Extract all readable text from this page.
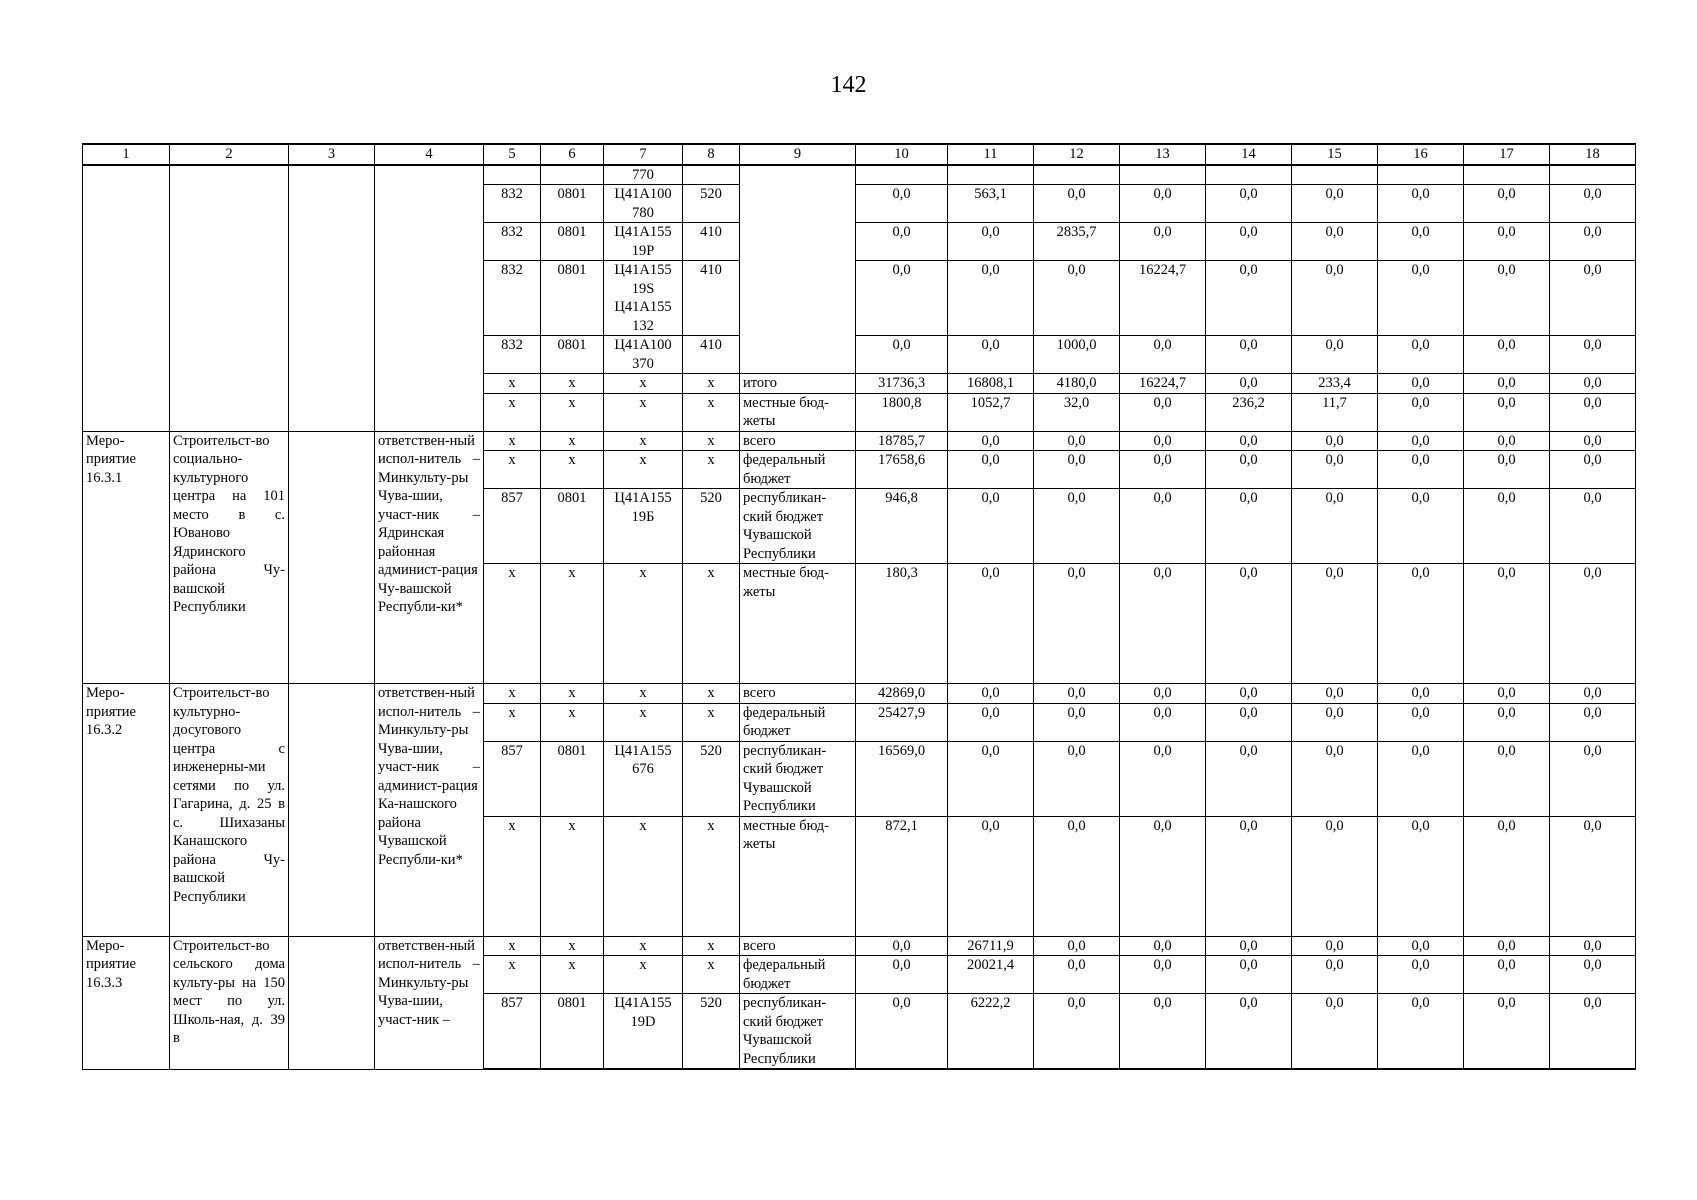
142
1	2	3	4	5	6	7	8	9	10	11	12	13	14	15	16	17	18
						770											
				832	0801	Ц41А100 780	520		0,0	563,1	0,0	0,0	0,0	0,0	0,0	0,0	0,0
				832	0801	Ц41А155 19Р	410		0,0	0,0	2835,7	0,0	0,0	0,0	0,0	0,0	0,0
				832	0801	Ц41А155 19S Ц41А155 132	410		0,0	0,0	0,0	16224,7	0,0	0,0	0,0	0,0	0,0
				832	0801	Ц41А100 370	410		0,0	0,0	1000,0	0,0	0,0	0,0	0,0	0,0	0,0
				х	х	х	х	итого	31736,3	16808,1	4180,0	16224,7	0,0	233,4	0,0	0,0	0,0
				х	х	х	х	местные бюд-жеты	1800,8	1052,7	32,0	0,0	236,2	11,7	0,0	0,0	0,0
Меро-приятие 16.3.1	Строительст-во социально-культурного центра на 101 место в с. Юваново Ядринского района Чу-вашской Республики		ответствен-ный испол-нитель – Минкульту-ры Чува-шии, участ-ник – Ядринская районная админист-рация Чу-вашской Республи-ки*	х	х	х	х	всего	18785,7	0,0	0,0	0,0	0,0	0,0	0,0	0,0	0,0
				х	х	х	х	федеральный бюджет	17658,6	0,0	0,0	0,0	0,0	0,0	0,0	0,0	0,0
				857	0801	Ц41А155 19Б	520	республикан-ский бюджет Чувашской Республики	946,8	0,0	0,0	0,0	0,0	0,0	0,0	0,0	0,0
				х	х	х	х	местные бюд-жеты	180,3	0,0	0,0	0,0	0,0	0,0	0,0	0,0	0,0
Меро-приятие 16.3.2	Строительст-во культурно-досугового центра с инженерны-ми сетями по ул. Гагарина, д. 25 в с. Шихазаны Канашского района Чу-вашской Республики		ответствен-ный испол-нитель – Минкульту-ры Чува-шии, участ-ник – админист-рация Ка-нашского района Чувашской Республи-ки*	х	х	х	х	всего	42869,0	0,0	0,0	0,0	0,0	0,0	0,0	0,0	0,0
				х	х	х	х	федеральный бюджет	25427,9	0,0	0,0	0,0	0,0	0,0	0,0	0,0	0,0
				857	0801	Ц41А155 676	520	республикан-ский бюджет Чувашской Республики	16569,0	0,0	0,0	0,0	0,0	0,0	0,0	0,0	0,0
				х	х	х	х	местные бюд-жеты	872,1	0,0	0,0	0,0	0,0	0,0	0,0	0,0	0,0
Меро-приятие 16.3.3	Строительст-во сельского дома культу-ры на 150 мест по ул. Школь-ная, д. 39 в		ответствен-ный испол-нитель – Минкульту-ры Чува-шии, участ-ник –	х	х	х	х	всего	0,0	26711,9	0,0	0,0	0,0	0,0	0,0	0,0	0,0
				х	х	х	х	федеральный бюджет	0,0	20021,4	0,0	0,0	0,0	0,0	0,0	0,0	0,0
				857	0801	Ц41А155 19D	520	республикан-ский бюджет Чувашской Республики	0,0	6222,2	0,0	0,0	0,0	0,0	0,0	0,0	0,0
